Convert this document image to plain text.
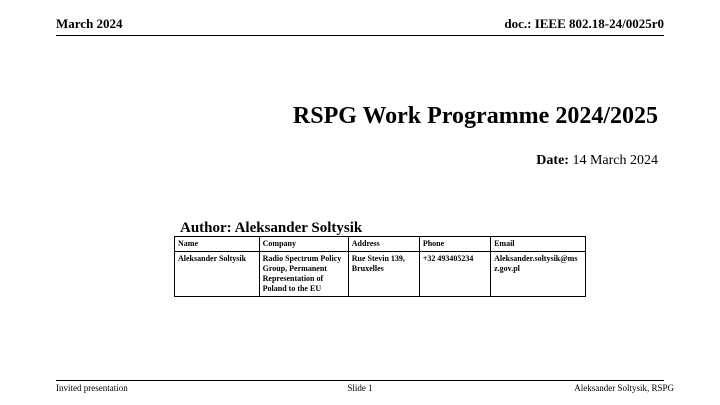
March 2024	doc.: IEEE 802.18-24/0025r0
RSPG Work Programme 2024/2025
Date: 14 March 2024
Author: Aleksander Soltysik
Name	Company	Address	Phone	Email
Aleksander Soltysik	Radio Spectrum Policy Group, Permanent Representation of Poland to the EU	Rue Stevin 139, Bruxelles	+32 493405234	Aleksander.soltysik@msz.gov.pl
Invited presentation	Slide 1	Aleksander Soltysik, RSPG
